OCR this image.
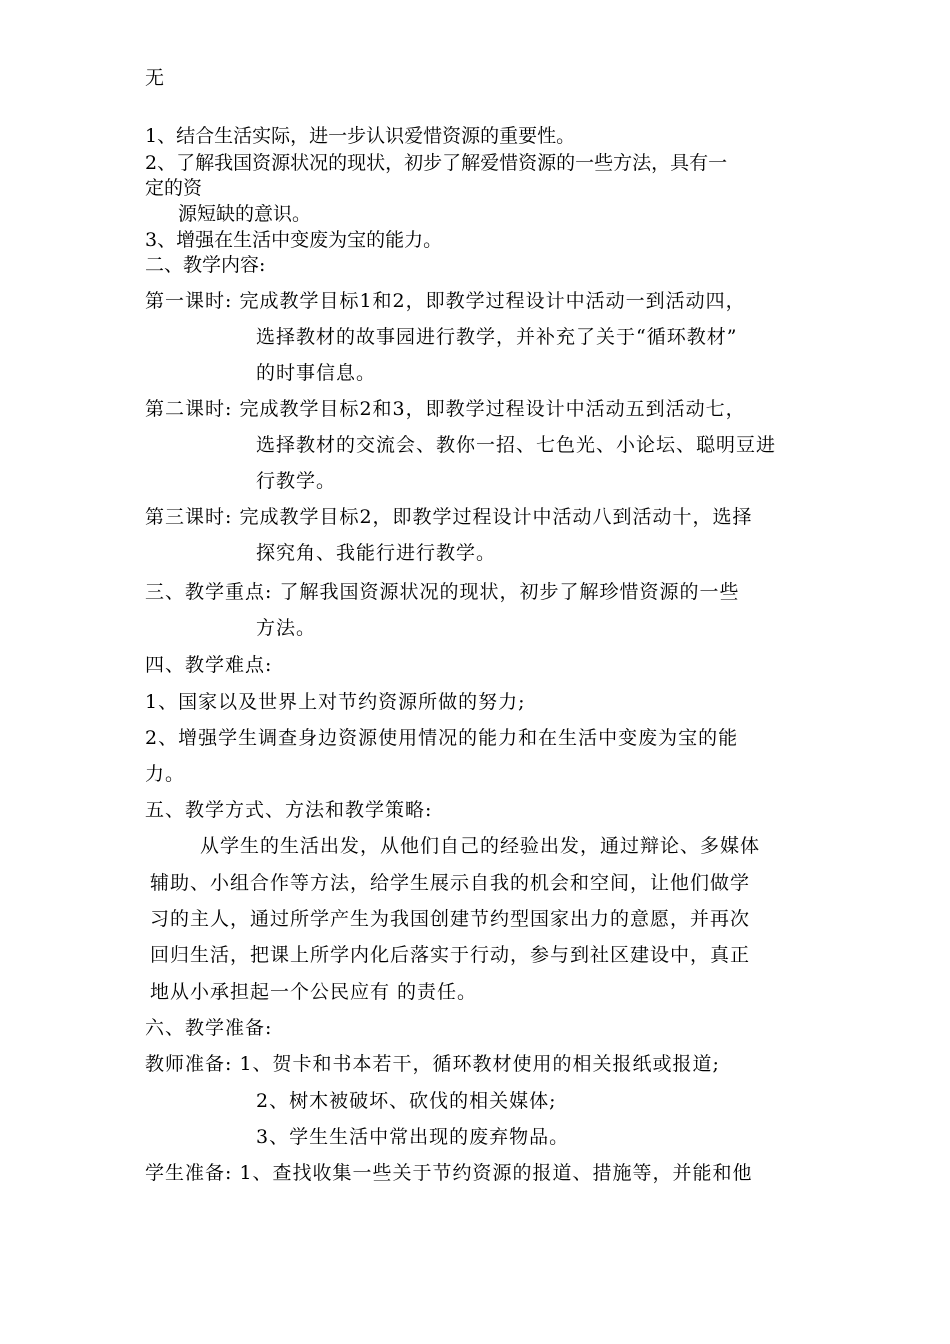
无
1、结合生活实际，进一步认识爱惜资源的重要性。
2、了解我国资源状况的现状，初步了解爱惜资源的一些方法，具有一
定的资
源短缺的意识。
3、增强在生活中变废为宝的能力。
二、教学内容:
第一课时: 完成教学目标1和2，即教学过程设计中活动一到活动四，
选择教材的故事园进行教学，并补充了关于“循环教材”
的时事信息。
第二课时: 完成教学目标2和3，即教学过程设计中活动五到活动七，
选择教材的交流会、教你一招、七色光、小论坛、聪明豆进
行教学。
第三课时: 完成教学目标2，即教学过程设计中活动八到活动十，选择
探究角、我能行进行教学。
三、教学重点: 了解我国资源状况的现状，初步了解珍惜资源的一些
方法。
四、教学难点:
1、国家以及世界上对节约资源所做的努力;
2、增强学生调查身边资源使用情况的能力和在生活中变废为宝的能
力。
五、教学方式、方法和教学策略:
从学生的生活出发，从他们自己的经验出发，通过辩论、多媒体
辅助、小组合作等方法，给学生展示自我的机会和空间，让他们做学
习的主人，通过所学产生为我国创建节约型国家出力的意愿，并再次
回归生活，把课上所学内化后落实于行动，参与到社区建设中，真正
地从小承担起一个公民应有 的责任。
六、教学准备:
教师准备: 1、贺卡和书本若干，循环教材使用的相关报纸或报道;
2、树木被破坏、砍伐的相关媒体;
3、学生生活中常出现的废弃物品。
学生准备: 1、查找收集一些关于节约资源的报道、措施等，并能和他
